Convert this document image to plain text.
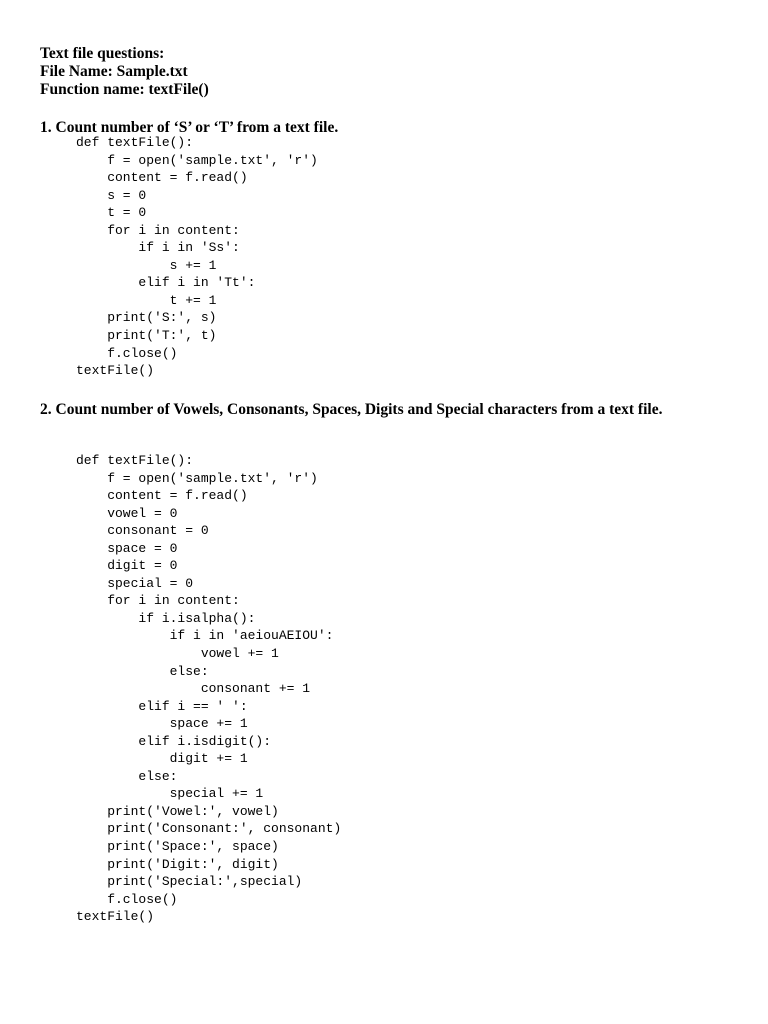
Text file questions:
File Name: Sample.txt
Function name: textFile()
1. Count number of ‘S’ or ‘T’ from a text file.
def textFile():
f = open('sample.txt', 'r')
content = f.read()
s = 0
t = 0
for i in content:
if i in 'Ss':
s += 1
elif i in 'Tt':
t += 1
print('S:', s)
print('T:', t)
f.close()
textFile()
2. Count number of Vowels, Consonants, Spaces, Digits and Special characters from a text file.
def textFile():
f = open('sample.txt', 'r')
content = f.read()
vowel = 0
consonant = 0
space = 0
digit = 0
special = 0
for i in content:
if i.isalpha():
if i in 'aeiouAEIOU':
vowel += 1
else:
consonant += 1
elif i == ' ':
space += 1
elif i.isdigit():
digit += 1
else:
special += 1
print('Vowel:', vowel)
print('Consonant:', consonant)
print('Space:', space)
print('Digit:', digit)
print('Special:',special)
f.close()
textFile()
